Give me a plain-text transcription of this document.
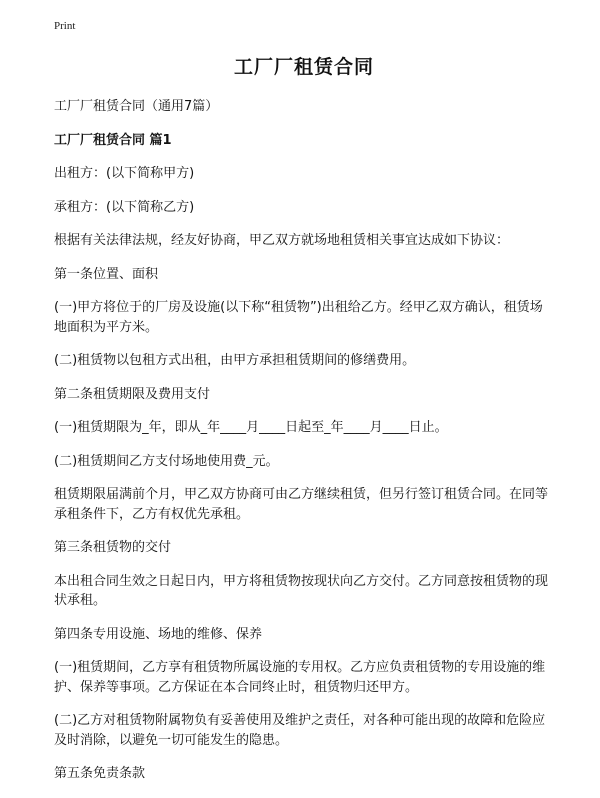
Print
工厂厂租赁合同

工厂厂租赁合同（通用7篇）

工厂厂租赁合同 篇1

出租方：(以下简称甲方)

承租方：(以下简称乙方)

根据有关法律法规，经友好协商，甲乙双方就场地租赁相关事宜达成如下协议：

第一条位置、面积

(一)甲方将位于的厂房及设施(以下称“租赁物”)出租给乙方。经甲乙双方确认，租赁场地面积为平方米。

(二)租赁物以包租方式出租，由甲方承担租赁期间的修缮费用。

第二条租赁期限及费用支付

(一)租赁期限为_年，即从_年____月____日起至_年____月____日止。

(二)租赁期间乙方支付场地使用费_元。

租赁期限届满前个月，甲乙双方协商可由乙方继续租赁，但另行签订租赁合同。在同等承租条件下，乙方有权优先承租。

第三条租赁物的交付

本出租合同生效之日起日内，甲方将租赁物按现状向乙方交付。乙方同意按租赁物的现状承租。

第四条专用设施、场地的维修、保养

(一)租赁期间，乙方享有租赁物所属设施的专用权。乙方应负责租赁物的专用设施的维护、保养等事项。乙方保证在本合同终止时，租赁物归还甲方。

(二)乙方对租赁物附属物负有妥善使用及维护之责任，对各种可能出现的故障和危险应及时消除，以避免一切可能发生的隐患。

第五条免责条款
